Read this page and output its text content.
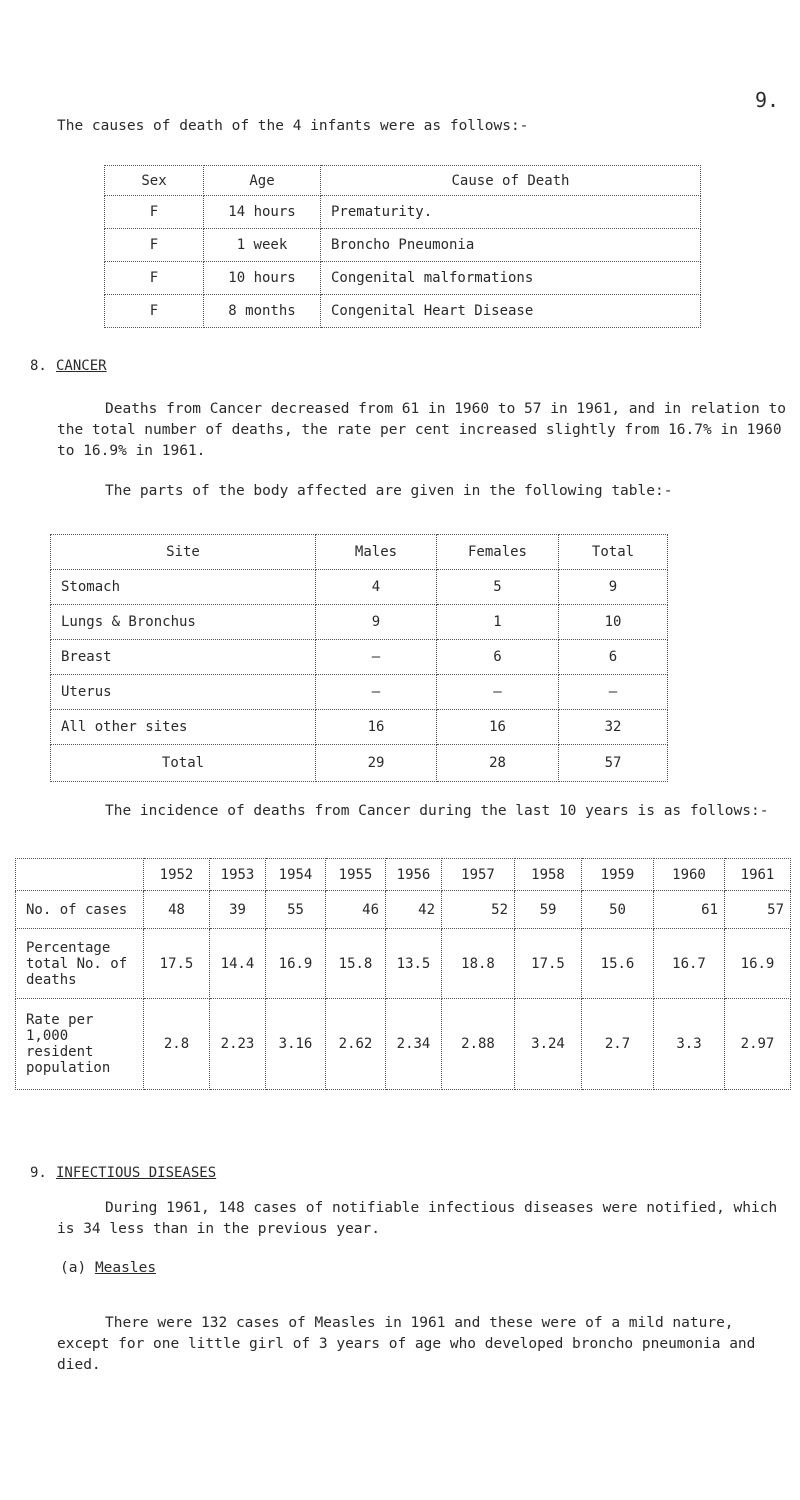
9.
The causes of death of the 4 infants were as follows:-
Sex	Age	Cause of Death
F	14 hours	Prematurity.
F	1 week	Broncho Pneumonia
F	10 hours	Congenital malformations
F	8 months	Congenital Heart Disease
8. CANCER
Deaths from Cancer decreased from 61 in 1960 to 57 in 1961, and in relation to the total number of deaths, the rate per cent increased slightly from 16.7% in 1960 to 16.9% in 1961.
The parts of the body affected are given in the following table:-
Site	Males	Females	Total
Stomach	4	5	9
Lungs & Bronchus	9	1	10
Breast	–	6	6
Uterus	–	–	–
All other sites	16	16	32
Total	29	28	57
The incidence of deaths from Cancer during the last 10 years is as follows:-
	1952	1953	1954	1955	1956	1957	1958	1959	1960	1961
No. of cases	48	39	55	46	42	52	59	50	61	57
Percentage total No. of deaths	17.5	14.4	16.9	15.8	13.5	18.8	17.5	15.6	16.7	16.9
Rate per 1,000 resident population	2.8	2.23	3.16	2.62	2.34	2.88	3.24	2.7	3.3	2.97
9. INFECTIOUS DISEASES
During 1961, 148 cases of notifiable infectious diseases were notified, which is 34 less than in the previous year.
(a) Measles
There were 132 cases of Measles in 1961 and these were of a mild nature, except for one little girl of 3 years of age who developed broncho pneumonia and died.
